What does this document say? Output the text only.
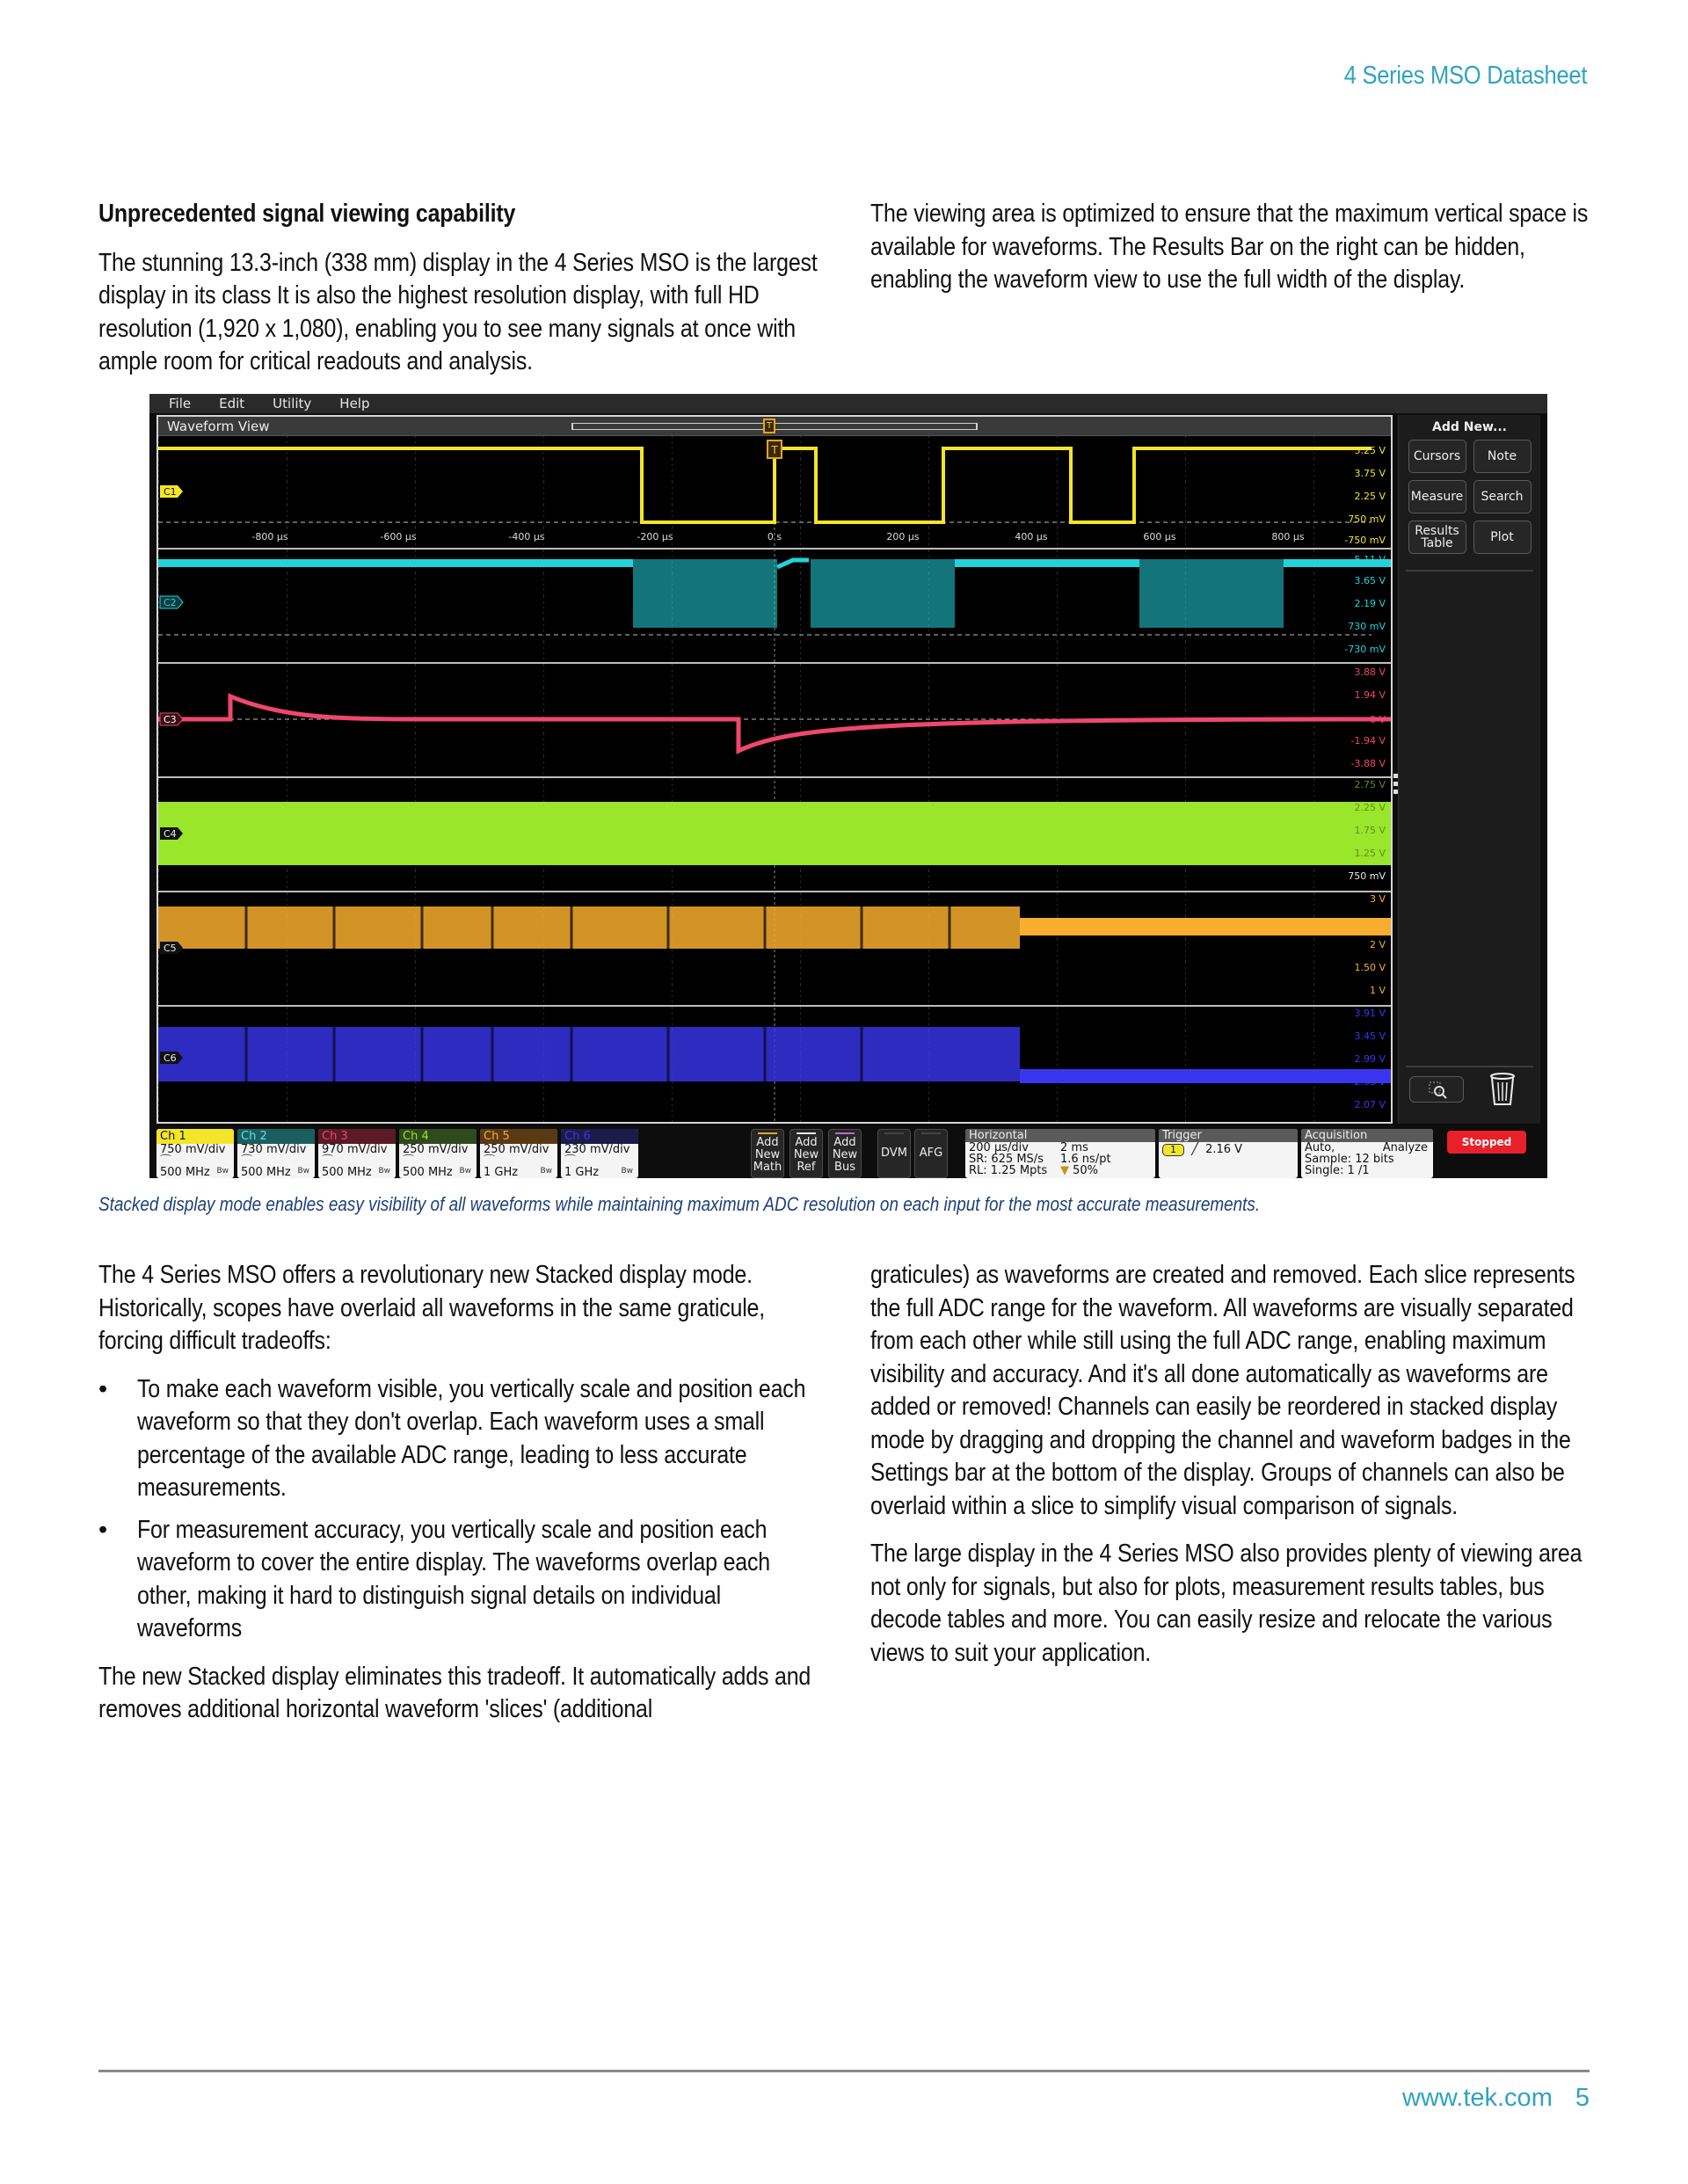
4 Series MSO Datasheet
Unprecedented signal viewing capability

The stunning 13.3-inch (338 mm) display in the 4 Series MSO is the largest display in its class It is also the highest resolution display, with full HD resolution (1,920 x 1,080), enabling you to see many signals at once with ample room for critical readouts and analysis.

The viewing area is optimized to ensure that the maximum vertical space is available for waveforms. The Results Bar on the right can be hidden, enabling the waveform view to use the full width of the display.

File Edit Utility Help
Waveform View	T
T
-800 µs	-600 µs	-400 µs	-200 µs	0 s	200 µs	400 µs	600 µs	800 µs
C1
C2
C3
C4
C5
C6
5.25 V
3.75 V
2.25 V
750 mV
-750 mV
5.11 V
3.65 V
2.19 V
730 mV
-730 mV
3.88 V
1.94 V
0 V
-1.94 V
-3.88 V
2.75 V
2.25 V
1.75 V
1.25 V
750 mV
3 V
2.50 V
2 V
1.50 V
1 V
3.91 V
3.45 V
2.99 V
2.53 V
2.07 V
Add New...
Cursors	Note
Measure	Search
Results Table	Plot
Ch 1
750 mV/div
⌒
500 MHz Bw
Ch 2
730 mV/div
⌒
500 MHz Bw
Ch 3
970 mV/div
⌒
500 MHz Bw
Ch 4
250 mV/div
⌒
500 MHz Bw
Ch 5
250 mV/div
⌒
1 GHz	Bw
Ch 6
230 mV/div
⌒
1 GHz	Bw
Add New Math
Add New Ref
Add New Bus
DVM	AFG
Horizontal
200 µs/div	2 ms
SR: 625 MS/s	1.6 ns/pt
RL: 1.25 Mpts	▼ 50%
Trigger
1 ╱ 2.16 V
Acquisition
Auto,	Analyze
Sample: 12 bits
Single: 1 /1
Stopped
Stacked display mode enables easy visibility of all waveforms while maintaining maximum ADC resolution on each input for the most accurate measurements.

The 4 Series MSO offers a revolutionary new Stacked display mode. Historically, scopes have overlaid all waveforms in the same graticule, forcing difficult tradeoffs:

• To make each waveform visible, you vertically scale and position each waveform so that they don't overlap. Each waveform uses a small percentage of the available ADC range, leading to less accurate measurements.
• For measurement accuracy, you vertically scale and position each waveform to cover the entire display. The waveforms overlap each other, making it hard to distinguish signal details on individual waveforms

The new Stacked display eliminates this tradeoff. It automatically adds and removes additional horizontal waveform 'slices' (additional

graticules) as waveforms are created and removed. Each slice represents the full ADC range for the waveform. All waveforms are visually separated from each other while still using the full ADC range, enabling maximum visibility and accuracy. And it's all done automatically as waveforms are added or removed! Channels can easily be reordered in stacked display mode by dragging and dropping the channel and waveform badges in the Settings bar at the bottom of the display. Groups of channels can also be overlaid within a slice to simplify visual comparison of signals.

The large display in the 4 Series MSO also provides plenty of viewing area not only for signals, but also for plots, measurement results tables, bus decode tables and more. You can easily resize and relocate the various views to suit your application.

www.tek.com 5
